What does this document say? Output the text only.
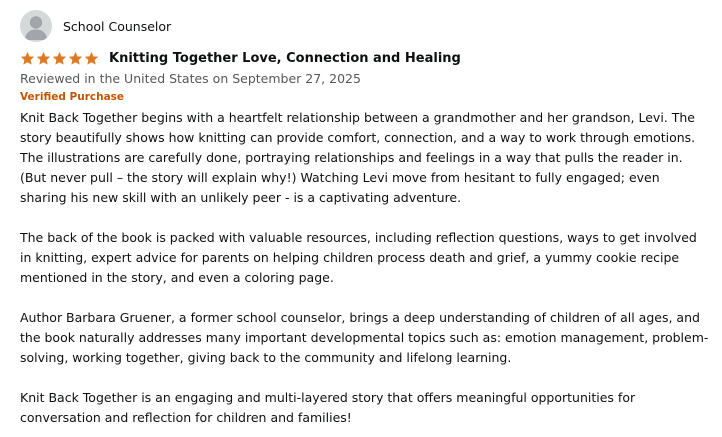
School Counselor
Knitting Together Love, Connection and Healing
Reviewed in the United States on September 27, 2025
Verified Purchase

Knit Back Together begins with a heartfelt relationship between a grandmother and her grandson, Levi. The story beautifully shows how knitting can provide comfort, connection, and a way to work through emotions. The illustrations are carefully done, portraying relationships and feelings in a way that pulls the reader in. (But never pull – the story will explain why!) Watching Levi move from hesitant to fully engaged; even sharing his new skill with an unlikely peer - is a captivating adventure.

The back of the book is packed with valuable resources, including reflection questions, ways to get involved in knitting, expert advice for parents on helping children process death and grief, a yummy cookie recipe mentioned in the story, and even a coloring page.

Author Barbara Gruener, a former school counselor, brings a deep understanding of children of all ages, and the book naturally addresses many important developmental topics such as: emotion management, problem-solving, working together, giving back to the community and lifelong learning.

Knit Back Together is an engaging and multi-layered story that offers meaningful opportunities for conversation and reflection for children and families!
